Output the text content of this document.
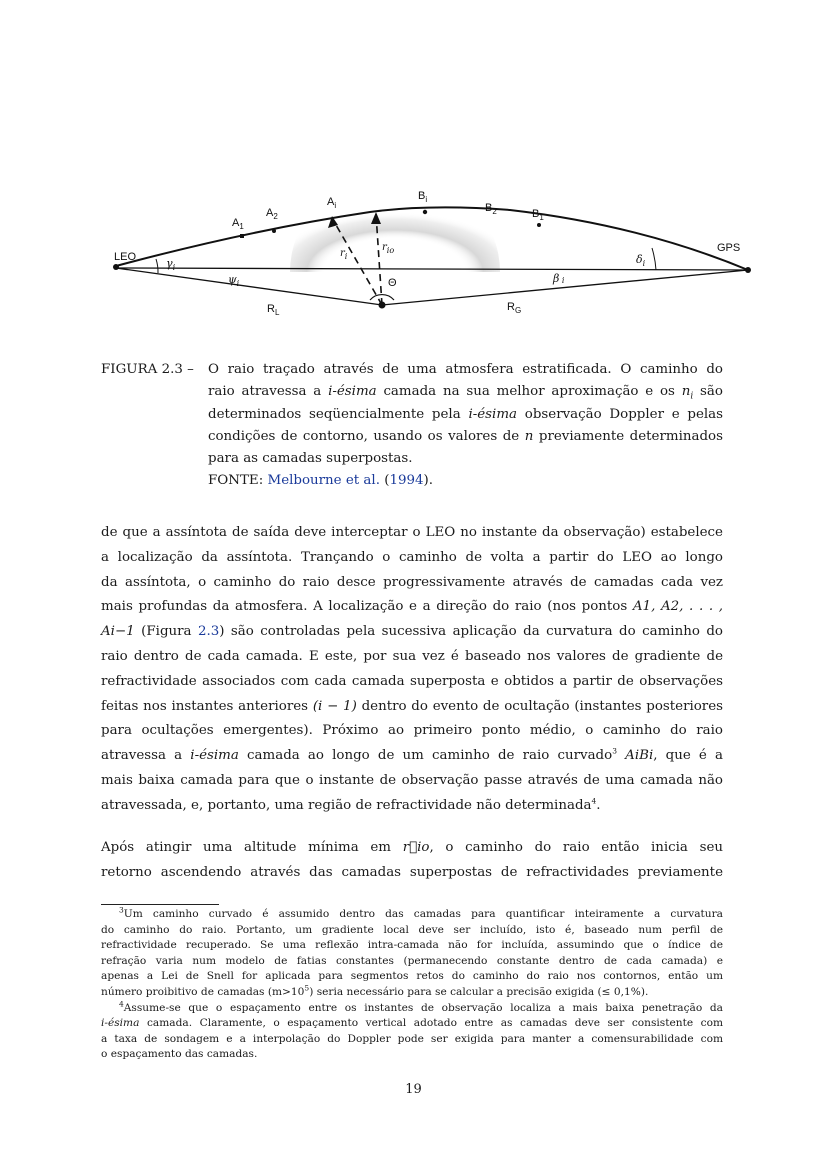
LEO
GPS
$A_1$
$A_2$
$A_i$
$B_i$
$B_2$	$B_1$
$\gamma_i$
$\psi_i$	β i
$\delta_i$
$r_i$
$r_{io}$
Θ
$R_L$	$R_G$
FIGURA 2.3 – O raio traçado através de uma atmosfera estratificada. O caminho do
raio atravessa a i-ésima camada na sua melhor aproximação e os $n_i$ são
determinados seqüencialmente pela i-ésima observação Doppler e pelas
condições de contorno, usando os valores de n previamente determinados
para as camadas superpostas.
FONTE: Melbourne et al. (1994).
de que a assíntota de saída deve interceptar o LEO no instante da observação) estabelece
a localização da assíntota. Trançando o caminho de volta a partir do LEO ao longo
da assíntota, o caminho do raio desce progressivamente através de camadas cada vez
mais profundas da atmosfera. A localização e a direção do raio (nos pontos A1, A2, . . . ,
Ai−1 (Figura 2.3) são controladas pela sucessiva aplicação da curvatura do caminho do
raio dentro de cada camada. E este, por sua vez é baseado nos valores de gradiente de
refractividade associados com cada camada superposta e obtidos a partir de observações
feitas nos instantes anteriores (i − 1) dentro do evento de ocultação (instantes posteriores
para ocultações emergentes). Próximo ao primeiro ponto médio, o caminho do raio
atravessa a i-ésima camada ao longo de um caminho de raio curvado$^3$ AiBi, que é a
mais baixa camada para que o instante de observação passe através de uma camada não
atravessada, e, portanto, uma região de refractividade não determinada$^4$.
Após atingir uma altitude mínima em r⃗io, o caminho do raio então inicia seu
retorno ascendendo através das camadas superpostas de refractividades previamente
$^3$Um caminho curvado é assumido dentro das camadas para quantificar inteiramente a curvatura
do caminho do raio. Portanto, um gradiente local deve ser incluído, isto é, baseado num perfil de
refractividade recuperado. Se uma reflexão intra-camada não for incluída, assumindo que o índice de
refração varia num modelo de fatias constantes (permanecendo constante dentro de cada camada) e
apenas a Lei de Snell for aplicada para segmentos retos do caminho do raio nos contornos, então um
número proibitivo de camadas $(m>10^5)$ seria necessário para se calcular a precisão exigida (≤ 0,1%).
$^4$Assume-se que o espaçamento entre os instantes de observação localiza a mais baixa penetração da
i-ésima camada. Claramente, o espaçamento vertical adotado entre as camadas deve ser consistente com
a taxa de sondagem e a interpolação do Doppler pode ser exigida para manter a comensurabilidade com
o espaçamento das camadas.
19
